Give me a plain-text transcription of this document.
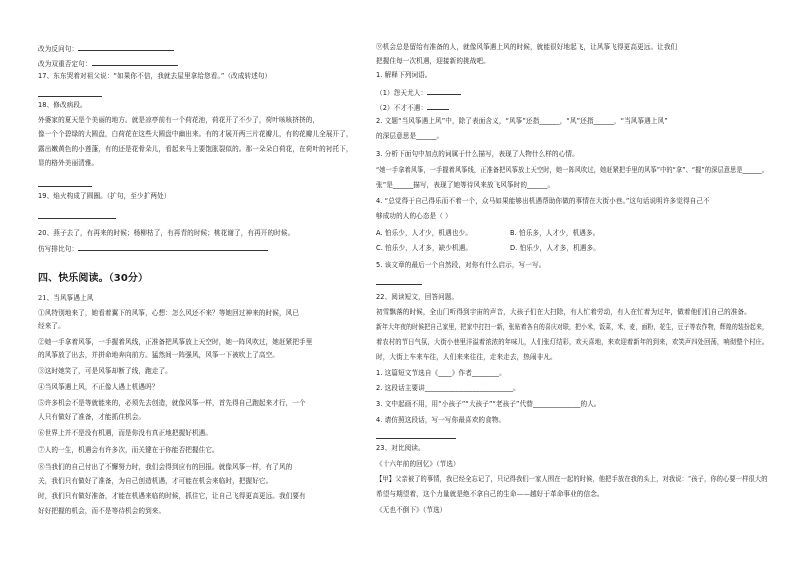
改为反问句：
改为双重否定句：
17、东东哭着对祖父说：“如果你不信，我就去屋里拿给您看。”（改成转述句）
18、修改病段。
外婆家的夏天是个美丽的地方。就是凉亭前有一个荷花池，荷花开了不少了，荷叶咳咳挤挤的，
像一个个碧绿的大圆盘，白荷花在这些大圆盘中幽出来。有的才展开两三片花瓣儿，有的花瓣儿全展开了，
露出嫩黄色的小莲蓬，有的还是花骨朵儿，看起来马上要饱胀裂似的。那一朵朵白荷花，在荷叶的衬托下，
显的格外美丽清雅。
19、焰火构成了圆圈。（扩句，至少扩两处）
20、燕子去了，有再来的时候；杨柳枯了，有再青的时候；桃花谢了，有再开的时候。
仿写排比句：
四、快乐阅读。（30分）
21、当风筝遇上风
①风特别地来了，她看着翼下的风筝，心想：怎么风还不来？等她回过神来的时候，风已
经来了。
②她一手拿着风筝，一手握着风线，正准备把风筝放上天空时，她一阵风吹过，她赶紧把手里
的风筝放了出去，并拼命地奔向前方。猛然间一阵强风，风筝一下被吹上了高空。
③这时她笑了，可是风筝却断了线，跑走了。
④当风筝遇上风，不正像人遇上机遇吗？
⑤许多机会不是等就能来的，必须先去创造，就像风筝一样，首先得自己跑起来才行，一个
人只有做好了准备，才能抓住机会。
⑥世界上并不是没有机遇，而是你没有真正地把握好机遇。
⑦人的一生，机遇会有许多次，而关键在于你能否把握住它。
⑧当我们的自己付出了不懈努力时，我们会得到应有的回报。就像风筝一样，有了风的
关，我们只有做好了准备，为自己创造机遇，才可能在机会来临时，把握好它。
时，我们只有做好准备，才能在机遇来临的时候，抓住它，让自己飞得更高更远。我们要有
好好把握的机会，而不是等待机会的到来。
⑨机会总是留给有准备的人，就像风筝遇上风的时候，就能很好地起飞，让风筝飞得更高更远。让我们
把握住每一次机遇，迎接新的挑战吧。
1. 解释下列词语。
（1）怨天尤人：
（2）不才不遇：
2. 文题“当风筝遇上风”中，除了表面含义，“风筝”还指______，“风”还指______，“当风筝遇上风”
的深层意思是______。
3. 分析下面句中加点的词属于什么描写，表现了人物什么样的心情。
“她一手拿着风筝，一手握着风筝线，正准备把风筝放上天空时，她一阵风吹过，她赶紧把手里的风筝”中的“拿”、“握”的深层意思是______。
张”是______描写，表现了她等待风来放飞风筝时的______。
4. “总觉得于自己得乐而不着一个，众马如果能够出机遇帮助你做的事情在大街小巷。”这句话说明许多觉得自己不
够成功的人的心态是（ ）
A. 怕乐少，人才少，机遇也少。	B. 怕乐多，人才少，机遇多。
C. 怕乐少，人才多，缺少机遇。	D. 怕乐少，人才多，机遇多。
5. 该文章的最后一个自然段，对你有什么启示，写一写。
22、阅读短文，回答问题。
初雪飘落的时候，全山门听得到宇宙的声音，大孩子们在大扫除，有人忙着劳动，有人在忙着为过年，做着他们们自己的准备。
新年大年夜的时候把自己家里，把家中打扫一新，张贴着各自的喜庆对联，把小米，饭菜，米，麦，面粉，花生，豆子等农作物，辉煌的装扮起来，
着农村的节日气氛，大街小巷里洋溢着浓浓的年味儿，人们张灯结彩，欢天喜地，来欢迎着新年的到来，欢笑声四处回荡，响彻整个村庄。
时，大街上车来车往，人们来来往往，走来走去，热闹非凡。
1. 这篇短文节选自《____》作者________。
2. 这段话主要讲__________________________。
3. 文中起画不用，用“小孩子”“大孩子”“老孩子”代替______________的人。
4. 请仿照这段话，写一写你最喜欢的食物。
23、对比阅读。
《十六年前的回忆》（节选）
【甲】父亲被了的事情，我已经全忘记了，只记得我们一家人围在一起的时候，他把手放在我的头上，对我说：“孩子，你的心要一样很大的
希望与期望着，这个力量就是绝不拿自己的生命——越好于革命事业的信念。
《无也不倒下》（节选）
